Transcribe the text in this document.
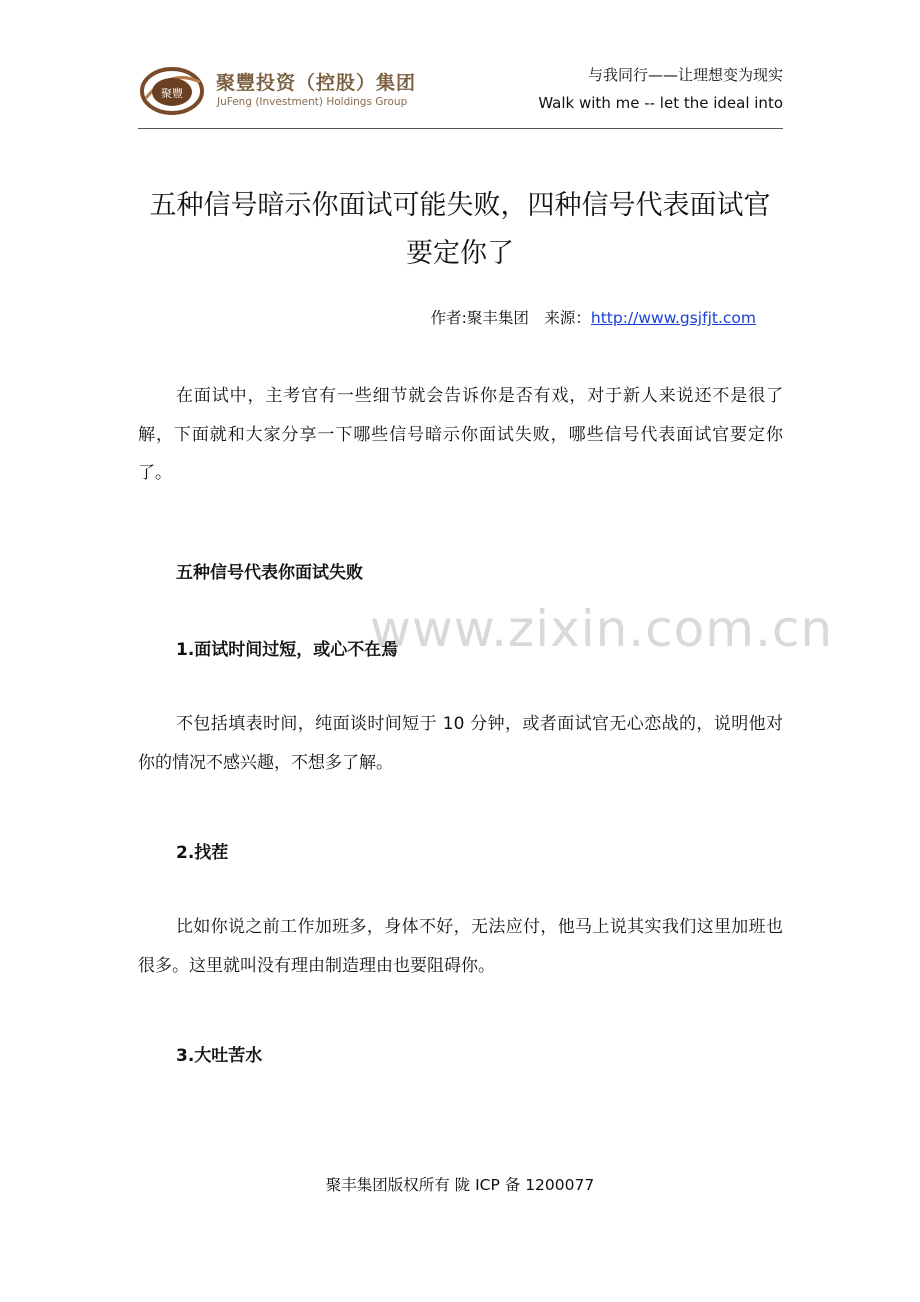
聚豐 聚豐投资（控股）集团
JuFeng (Investment) Holdings Group
与我同行——让理想变为现实
Walk with me -- let the ideal into
五种信号暗示你面试可能失败，四种信号代表面试官
要定你了
作者:聚丰集团　来源：http://www.gsjfjt.com
在面试中，主考官有一些细节就会告诉你是否有戏，对于新人来说还不是很了解，下面就和大家分享一下哪些信号暗示你面试失败，哪些信号代表面试官要定你了。
五种信号代表你面试失败
1.面试时间过短，或心不在焉
不包括填表时间，纯面谈时间短于 10 分钟，或者面试官无心恋战的，说明他对你的情况不感兴趣，不想多了解。
2.找茬
比如你说之前工作加班多，身体不好，无法应付，他马上说其实我们这里加班也很多。这里就叫没有理由制造理由也要阻碍你。
3.大吐苦水
www.zixin.com.cn
聚丰集团版权所有 陇 ICP 备 1200077
